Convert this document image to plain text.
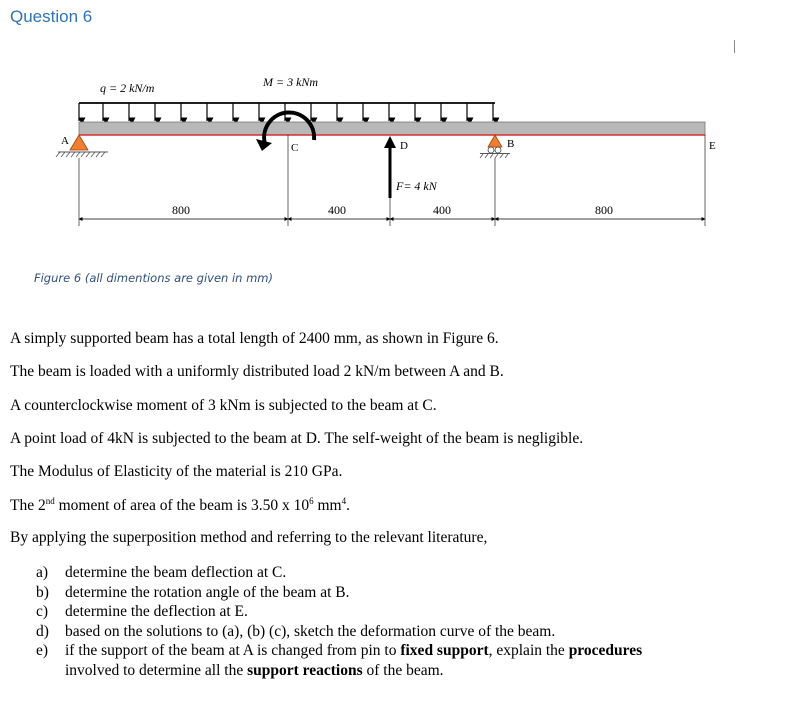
Question 6
q = 2 kN/m	M = 3 kNm
A
C	D	B	E
F= 4 kN
800	400	400	800
Figure 6 (all dimentions are given in mm)
A simply supported beam has a total length of 2400 mm, as shown in Figure 6.
The beam is loaded with a uniformly distributed load 2 kN/m between A and B.
A counterclockwise moment of 3 kNm is subjected to the beam at C.
A point load of 4kN is subjected to the beam at D. The self-weight of the beam is negligible.
The Modulus of Elasticity of the material is 210 GPa.
The 2nd moment of area of the beam is 3.50 x $10^6$ $mm^4$.
By applying the superposition method and referring to the relevant literature,
a)	determine the beam deflection at C.
b)	determine the rotation angle of the beam at B.
c)	determine the deflection at E.
d)	based on the solutions to (a), (b) (c), sketch the deformation curve of the beam.
e)	if the support of the beam at A is changed from pin to fixed support, explain the procedures
involved to determine all the support reactions of the beam.
